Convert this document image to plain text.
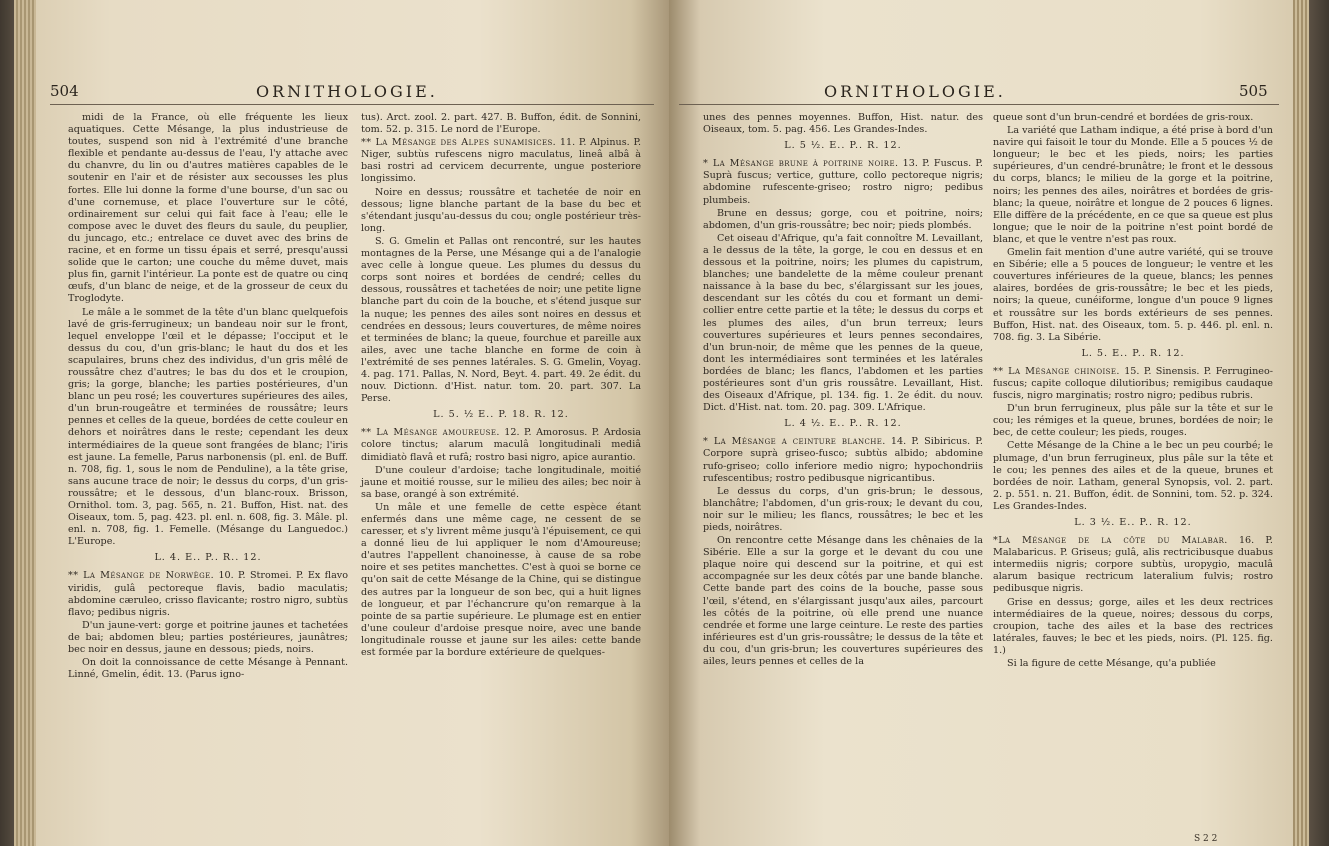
504	ORNITHOLOGIE.

midi de la France, où elle fréquente les lieux aquatiques. Cette Mésange, la plus industrieuse de toutes, suspend son nid à l'extrémité d'une branche flexible et pendante au-dessus de l'eau, l'y attache avec du chanvre, du lin ou d'autres matières capables de le soutenir en l'air et de résister aux secousses les plus fortes. Elle lui donne la forme d'une bourse, d'un sac ou d'une cornemuse, et place l'ouverture sur le côté, ordinairement sur celui qui fait face à l'eau; elle le compose avec le duvet des fleurs du saule, du peuplier, du juncago, etc.; entrelace ce duvet avec des brins de racine, et en forme un tissu épais et serré, presqu'aussi solide que le carton; une couche du même duvet, mais plus fin, garnit l'intérieur. La ponte est de quatre ou cinq œufs, d'un blanc de neige, et de la grosseur de ceux du Troglodyte.

Le mâle a le sommet de la tête d'un blanc quelquefois lavé de gris-ferrugineux; un bandeau noir sur le front, lequel enveloppe l'œil et le dépasse; l'occiput et le dessus du cou, d'un gris-blanc; le haut du dos et les scapulaires, bruns chez des individus, d'un gris mêlé de roussâtre chez d'autres; le bas du dos et le croupion, gris; la gorge, blanche; les parties postérieures, d'un blanc un peu rosé; les couvertures supérieures des ailes, d'un brun-rougeâtre et terminées de roussâtre; leurs pennes et celles de la queue, bordées de cette couleur en dehors et noirâtres dans le reste; cependant les deux intermédiaires de la queue sont frangées de blanc; l'iris est jaune. La femelle, Parus narbonensis (pl. enl. de Buff. n. 708, fig. 1, sous le nom de Penduline), a la tête grise, sans aucune trace de noir; le dessus du corps, d'un gris-roussâtre; et le dessous, d'un blanc-roux. Brisson, Ornithol. tom. 3, pag. 565, n. 21. Buffon, Hist. nat. des Oiseaux, tom. 5, pag. 423. pl. enl. n. 608, fig. 3. Mâle. pl. enl. n. 708, fig. 1. Femelle. (Mésange du Languedoc.) L'Europe.

L. 4. E.. P.. R.. 12.

** La Mésange de Norwège. 10. P. Stromei. P. Ex flavo viridis, gulâ pectoreque flavis, badio maculatis; abdomine cæruleo, crisso flavicante; rostro nigro, subtùs flavo; pedibus nigris.

D'un jaune-vert: gorge et poitrine jaunes et tachetées de bai; abdomen bleu; parties postérieures, jaunâtres; bec noir en dessus, jaune en dessous; pieds, noirs.

On doit la connoissance de cette Mésange à Pennant. Linné, Gmelin, édit. 13. (Parus igno-

tus). Arct. zool. 2. part. 427. B. Buffon, édit. de Sonnini, tom. 52. p. 315. Le nord de l'Europe.

** La Mésange des Alpes sunamisices. 11. P. Alpinus. P. Niger, subtùs rufescens nigro maculatus, lineâ albâ à basi rostri ad cervicem decurrente, ungue posteriore longissimo.

Noire en dessus; roussâtre et tachetée de noir en dessous; ligne blanche partant de la base du bec et s'étendant jusqu'au-dessus du cou; ongle postérieur très-long.

S. G. Gmelin et Pallas ont rencontré, sur les hautes montagnes de la Perse, une Mésange qui a de l'analogie avec celle à longue queue. Les plumes du dessus du corps sont noires et bordées de cendré; celles du dessous, roussâtres et tachetées de noir; une petite ligne blanche part du coin de la bouche, et s'étend jusque sur la nuque; les pennes des ailes sont noires en dessus et cendrées en dessous; leurs couvertures, de même noires et terminées de blanc; la queue, fourchue et pareille aux ailes, avec une tache blanche en forme de coin à l'extrémité de ses pennes latérales. S. G. Gmelin, Voyag. 4. pag. 171. Pallas, N. Nord, Beyt. 4. part. 49. 2e édit. du nouv. Dictionn. d'Hist. natur. tom. 20. part. 307. La Perse.

L. 5. ½ E.. P. 18. R. 12.

** La Mésange amoureuse. 12. P. Amorosus. P. Ardosia colore tinctus; alarum maculâ longitudinali mediâ dimidiatò flavâ et rufâ; rostro basi nigro, apice aurantio.

D'une couleur d'ardoise; tache longitudinale, moitié jaune et moitié rousse, sur le milieu des ailes; bec noir à sa base, orangé à son extrémité.

Un mâle et une femelle de cette espèce étant enfermés dans une même cage, ne cessent de se caresser, et s'y livrent même jusqu'à l'épuisement, ce qui a donné lieu de lui appliquer le nom d'Amoureuse; d'autres l'appellent chanoinesse, à cause de sa robe noire et ses petites manchettes. C'est à quoi se borne ce qu'on sait de cette Mésange de la Chine, qui se distingue des autres par la longueur de son bec, qui a huit lignes de longueur, et par l'échancrure qu'on remarque à la pointe de sa partie supérieure. Le plumage est en entier d'une couleur d'ardoise presque noire, avec une bande longitudinale rousse et jaune sur les ailes: cette bande est formée par la bordure extérieure de quelques-

ORNITHOLOGIE.	505

unes des pennes moyennes. Buffon, Hist. natur. des Oiseaux, tom. 5. pag. 456. Les Grandes-Indes.

L. 5 ½. E.. P.. R. 12.

* La Mésange brune à poitrine noire. 13. P. Fuscus. P. Suprà fuscus; vertice, gutture, collo pectoreque nigris; abdomine rufescente-griseo; rostro nigro; pedibus plumbeis.

Brune en dessus; gorge, cou et poitrine, noirs; abdomen, d'un gris-roussâtre; bec noir; pieds plombés.

Cet oiseau d'Afrique, qu'a fait connoître M. Levaillant, a le dessus de la tête, la gorge, le cou en dessus et en dessous et la poitrine, noirs; les plumes du capistrum, blanches; une bandelette de la même couleur prenant naissance à la base du bec, s'élargissant sur les joues, descendant sur les côtés du cou et formant un demi-collier entre cette partie et la tête; le dessus du corps et les plumes des ailes, d'un brun terreux; leurs couvertures supérieures et leurs pennes secondaires, d'un brun-noir, de même que les pennes de la queue, dont les intermédiaires sont terminées et les latérales bordées de blanc; les flancs, l'abdomen et les parties postérieures sont d'un gris roussâtre. Levaillant, Hist. des Oiseaux d'Afrique, pl. 134. fig. 1. 2e édit. du nouv. Dict. d'Hist. nat. tom. 20. pag. 309. L'Afrique.

L. 4 ½. E.. P.. R. 12.

* La Mésange a ceinture blanche. 14. P. Sibiricus. P. Corpore suprà griseo-fusco; subtùs albido; abdomine rufo-griseo; collo inferiore medio nigro; hypochondriis rufescentibus; rostro pedibusque nigricantibus.

Le dessus du corps, d'un gris-brun; le dessous, blanchâtre; l'abdomen, d'un gris-roux; le devant du cou, noir sur le milieu; les flancs, roussâtres; le bec et les pieds, noirâtres.

On rencontre cette Mésange dans les chênaies de la Sibérie. Elle a sur la gorge et le devant du cou une plaque noire qui descend sur la poitrine, et qui est accompagnée sur les deux côtés par une bande blanche. Cette bande part des coins de la bouche, passe sous l'œil, s'étend, en s'élargissant jusqu'aux ailes, parcourt les côtés de la poitrine, où elle prend une nuance cendrée et forme une large ceinture. Le reste des parties inférieures est d'un gris-roussâtre; le dessus de la tête et du cou, d'un gris-brun; les couvertures supérieures des ailes, leurs pennes et celles de la

queue sont d'un brun-cendré et bordées de gris-roux.

La variété que Latham indique, a été prise à bord d'un navire qui faisoit le tour du Monde. Elle a 5 pouces ½ de longueur; le bec et les pieds, noirs; les parties supérieures, d'un cendré-brunâtre; le front et le dessous du corps, blancs; le milieu de la gorge et la poitrine, noirs; les pennes des ailes, noirâtres et bordées de gris-blanc; la queue, noirâtre et longue de 2 pouces 6 lignes. Elle diffère de la précédente, en ce que sa queue est plus longue; que le noir de la poitrine n'est point bordé de blanc, et que le ventre n'est pas roux.

Gmelin fait mention d'une autre variété, qui se trouve en Sibérie; elle a 5 pouces de longueur; le ventre et les couvertures inférieures de la queue, blancs; les pennes alaires, bordées de gris-roussâtre; le bec et les pieds, noirs; la queue, cunéiforme, longue d'un pouce 9 lignes et roussâtre sur les bords extérieurs de ses pennes. Buffon, Hist. nat. des Oiseaux, tom. 5. p. 446. pl. enl. n. 708. fig. 3. La Sibérie.

L. 5. E.. P.. R. 12.

** La Mésange chinoise. 15. P. Sinensis. P. Ferrugineo-fuscus; capite colloque dilutioribus; remigibus caudaque fuscis, nigro marginatis; rostro nigro; pedibus rubris.

D'un brun ferrugineux, plus pâle sur la tête et sur le cou; les rémiges et la queue, brunes, bordées de noir; le bec, de cette couleur; les pieds, rouges.

Cette Mésange de la Chine a le bec un peu courbé; le plumage, d'un brun ferrugineux, plus pâle sur la tête et le cou; les pennes des ailes et de la queue, brunes et bordées de noir. Latham, general Synopsis, vol. 2. part. 2. p. 551. n. 21. Buffon, édit. de Sonnini, tom. 52. p. 324. Les Grandes-Indes.

L. 3 ½. E.. P.. R. 12.

*La Mésange de la côte du Malabar. 16. P. Malabaricus. P. Griseus; gulâ, alis rectricibusque duabus intermediis nigris; corpore subtùs, uropygio, maculâ alarum basique rectricum lateralium fulvis; rostro pedibusque nigris.

Grise en dessus; gorge, ailes et les deux rectrices intermédiaires de la queue, noires; dessous du corps, croupion, tache des ailes et la base des rectrices latérales, fauves; le bec et les pieds, noirs. (Pl. 125. fig. 1.)

Si la figure de cette Mésange, qu'a publiée

S 2 2
